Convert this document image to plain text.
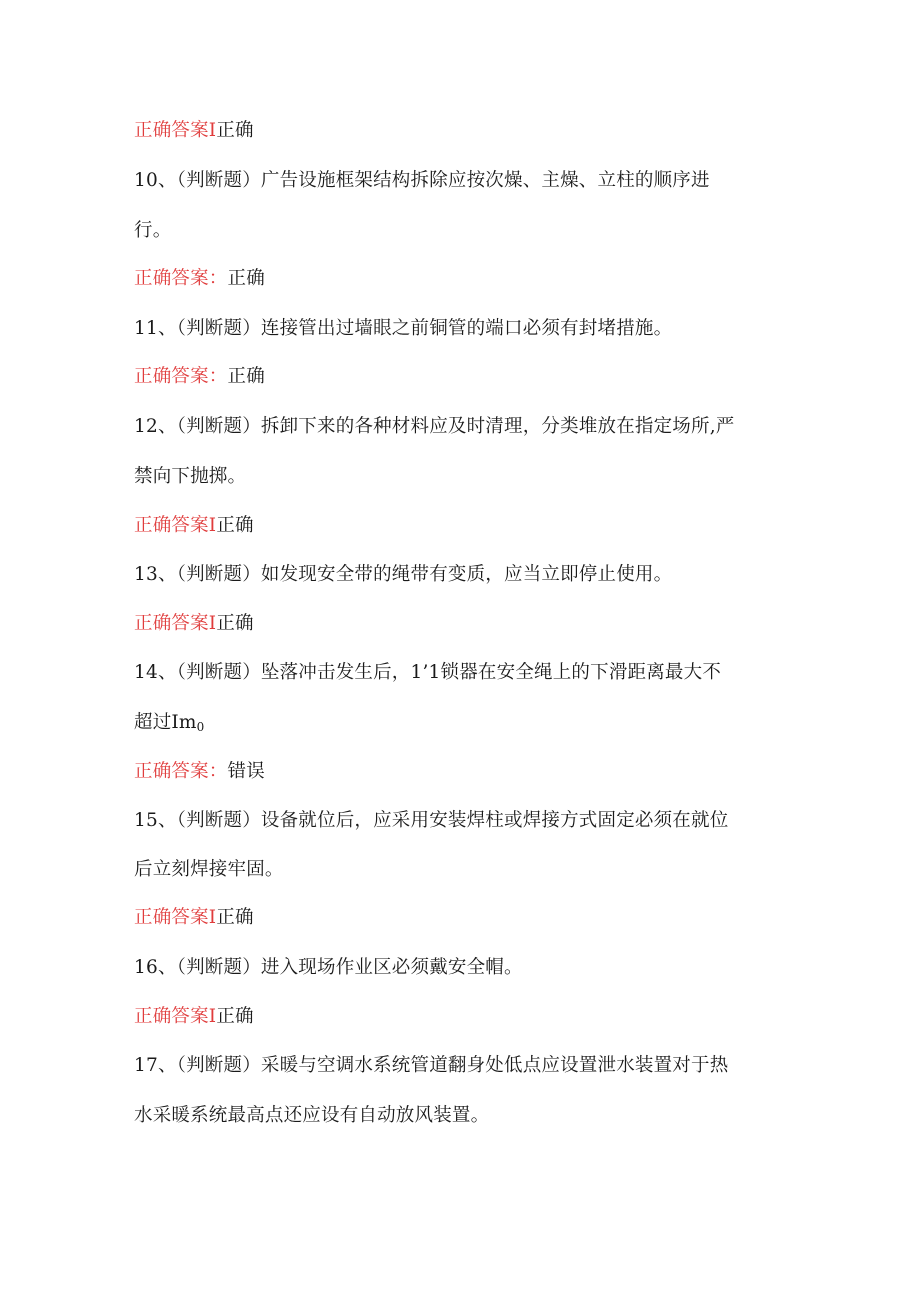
正确答案I正确
10、（判断题）广告设施框架结构拆除应按次燥、主燥、立柱的顺序进
行。
正确答案：正确
11、（判断题）连接管出过墙眼之前铜管的端口必须有封堵措施。
正确答案：正确
12、（判断题）拆卸下来的各种材料应及时清理，分类堆放在指定场所,严
禁向下抛掷。
正确答案I正确
13、（判断题）如发现安全带的绳带有变质，应当立即停止使用。
正确答案I正确
14、（判断题）坠落冲击发生后，1’1锁器在安全绳上的下滑距离最大不
超过$Im_0$
正确答案：错误
15、（判断题）设备就位后，应采用安装焊柱或焊接方式固定必须在就位
后立刻焊接牢固。
正确答案I正确
16、（判断题）进入现场作业区必须戴安全帽。
正确答案I正确
17、（判断题）采暖与空调水系统管道翻身处低点应设置泄水装置对于热
水采暖系统最高点还应设有自动放风装置。
